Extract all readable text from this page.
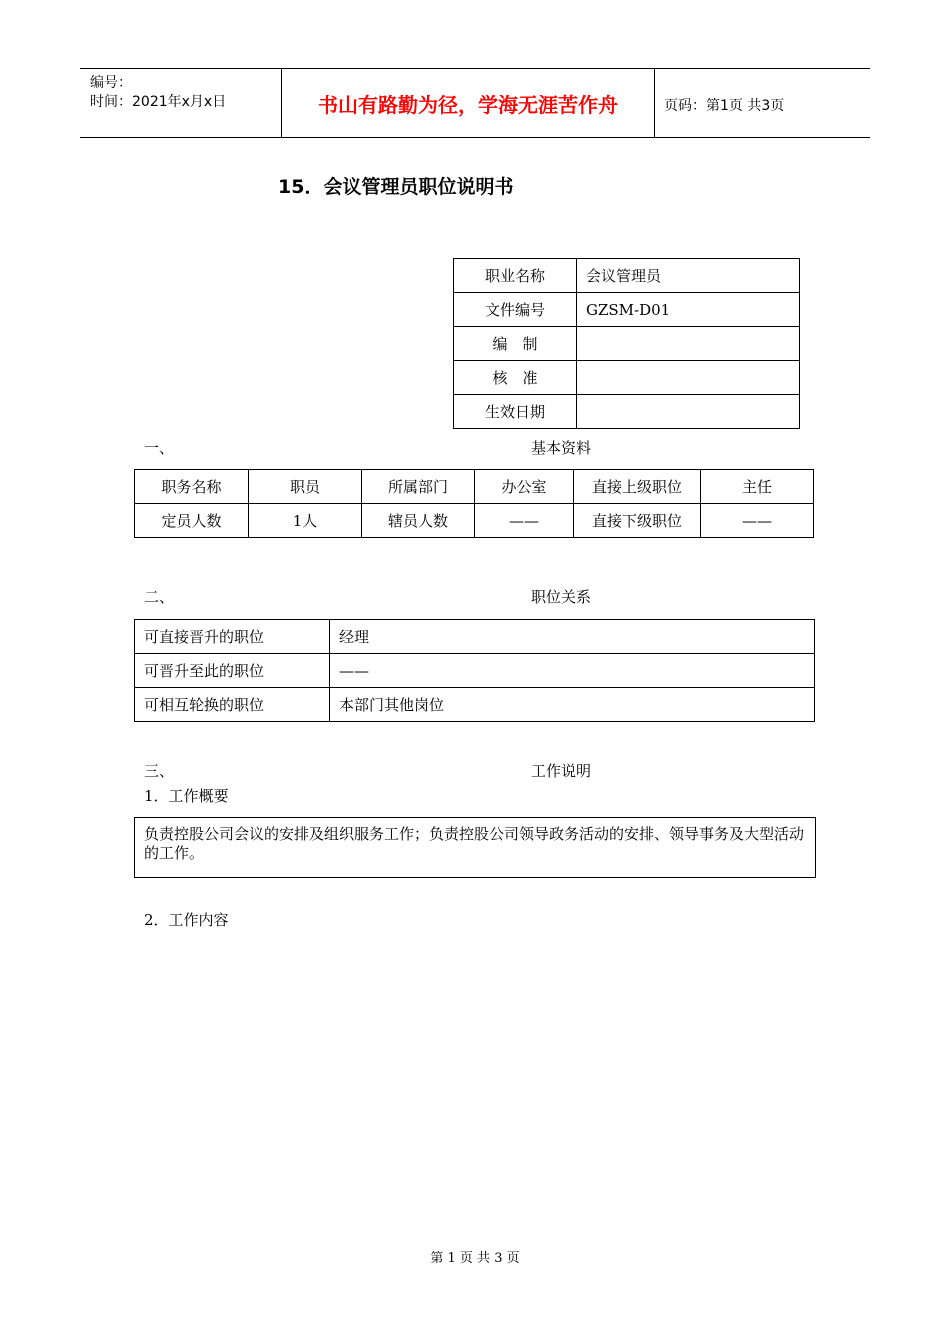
编号：
时间：2021年x月x日	书山有路勤为径，学海无涯苦作舟	页码：第1页 共3页
15．会议管理员职位说明书
职业名称	会议管理员
文件编号	GZSM-D01
编　制	
核　准	
生效日期	
一、	基本资料
职务名称	职员	所属部门	办公室	直接上级职位	主任
定员人数	1人	辖员人数	——	直接下级职位	——
二、	职位关系
可直接晋升的职位	经理
可晋升至此的职位	——
可相互轮换的职位	本部门其他岗位
三、	工作说明
1．工作概要
负责控股公司会议的安排及组织服务工作；负责控股公司领导政务活动的安排、领导事务及大型活动的工作。
2．工作内容
第 1 页 共 3 页
